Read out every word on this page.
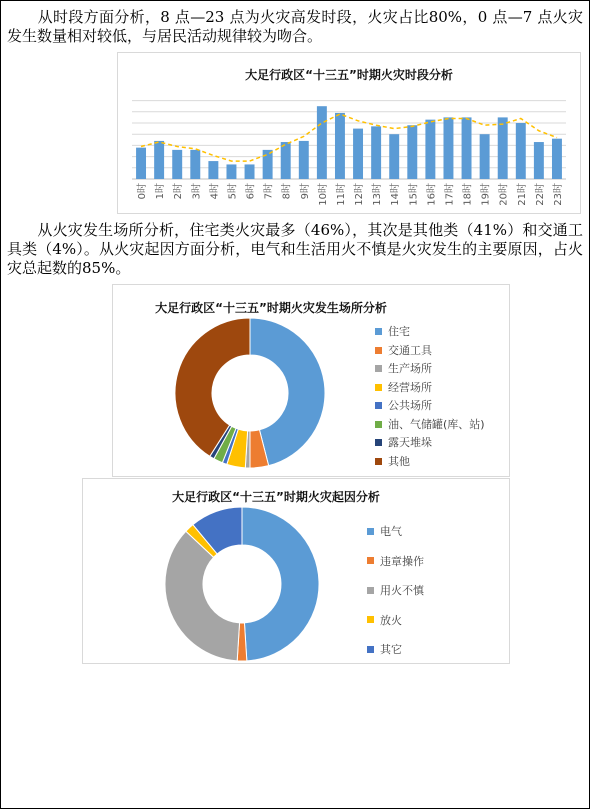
　　从时段方面分析，8 点—23 点为火灾高发时段，火灾占比80%，0 点—7 点火灾发生数量相对较低，与居民活动规律较为吻合。

大足行政区“十三五”时期火灾时段分析
0时 1时 2时 3时 4时 5时 6时 7时 8时 9时 10时 11时 12时 13时 14时 15时 16时 17时 18时 19时 20时 21时 22时 23时

　　从火灾发生场所分析，住宅类火灾最多（46%），其次是其他类（41%）和交通工具类（4%）。从火灾起因方面分析，电气和生活用火不慎是火灾发生的主要原因，占火灾总起数的85%。

大足行政区“十三五”时期火灾发生场所分析
住宅
交通工具
生产场所
经营场所
公共场所
油、气储罐(库、站)
露天堆垛
其他
大足行政区“十三五”时期火灾起因分析
电气
违章操作
用火不慎
放火
其它
